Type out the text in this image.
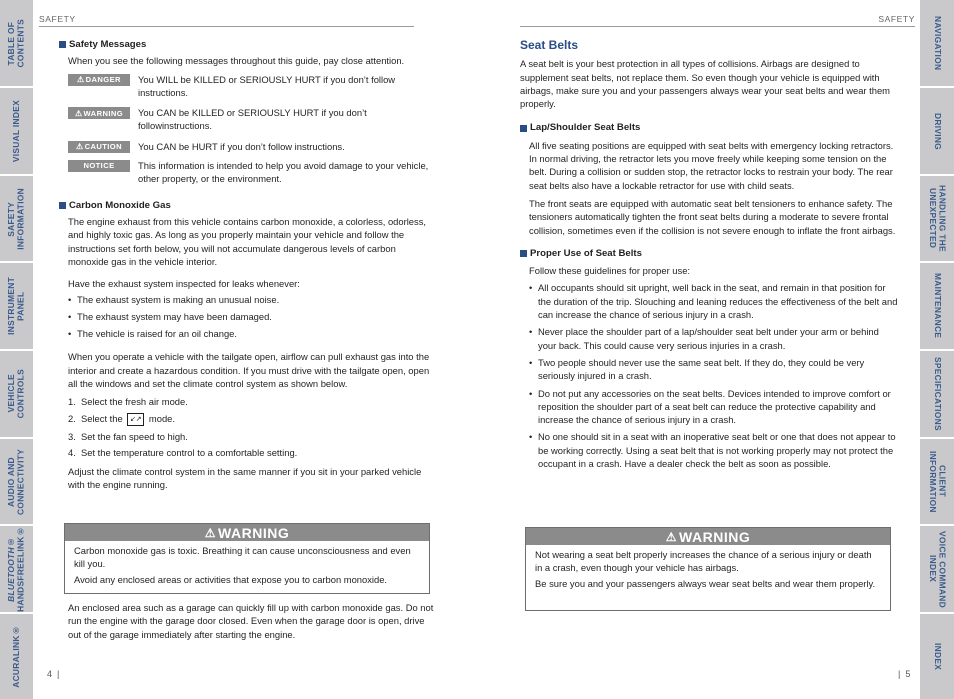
TABLE OF
CONTENTS
VISUAL INDEX
SAFETY
INFORMATION
INSTRUMENT
PANEL
VEHICLE
CONTROLS
AUDIO AND
CONNECTIVITY
BLUETOOTH®
HANDSFREELINK®
ACURALINK®
NAVIGATION
DRIVING
HANDLING THE
UNEXPECTED
MAINTENANCE
SPECIFICATIONS
CLIENT
INFORMATION
VOICE COMMAND
INDEX
INDEX
SAFETY	SAFETY
Safety Messages

When you see the following messages throughout this guide, pay close attention.

⚠ DANGER You WILL be KILLED or SERIOUSLY HURT if you don’t follow instructions.
⚠ WARNING You CAN be KILLED or SERIOUSLY HURT if you don’t followinstructions.
⚠ CAUTION You CAN be HURT if you don’t follow instructions.
NOTICE	This information is intended to help you avoid damage to your vehicle, other property, or the environment.
Carbon Monoxide Gas

The engine exhaust from this vehicle contains carbon monoxide, a colorless, odorless, and highly toxic gas. As long as you properly maintain your vehicle and follow the instructions set forth below, you will not accumulate dangerous levels of carbon monoxide gas in the vehicle interior.

Have the exhaust system inspected for leaks whenever:

• The exhaust system is making an unusual noise.
• The exhaust system may have been damaged.
• The vehicle is raised for an oil change.

When you operate a vehicle with the tailgate open, airflow can pull exhaust gas into the interior and create a hazardous condition. If you must drive with the tailgate open, open all the windows and set the climate control system as shown below.

1. Select the fresh air mode.
2. Select the ↙↗ mode.
3. Set the fan speed to high.
4. Set the temperature control to a comfortable setting.

Adjust the climate control system in the same manner if you sit in your parked vehicle with the engine running.

⚠ WARNING

Carbon monoxide gas is toxic. Breathing it can cause unconsciousness and even kill you.

Avoid any enclosed areas or activities that expose you to carbon monoxide.

An enclosed area such as a garage can quickly fill up with carbon monoxide gas. Do not run the engine with the garage door closed. Even when the garage door is open, drive out of the garage immediately after starting the engine.
4  |
Seat Belts

A seat belt is your best protection in all types of collisions. Airbags are designed to supplement seat belts, not replace them. So even though your vehicle is equipped with airbags, make sure you and your passengers always wear your seat belts and wear them properly.

Lap/Shoulder Seat Belts

All five seating positions are equipped with seat belts with emergency locking retractors. In normal driving, the retractor lets you move freely while keeping some tension on the belt. During a collision or sudden stop, the retractor locks to restrain your body. The rear seat belts also have a lockable retractor for use with child seats.

The front seats are equipped with automatic seat belt tensioners to enhance safety. The tensioners automatically tighten the front seat belts during a moderate to severe frontal collision, sometimes even if the collision is not severe enough to inflate the front airbags.

Proper Use of Seat Belts

Follow these guidelines for proper use:

• All occupants should sit upright, well back in the seat, and remain in that position for the duration of the trip. Slouching and leaning reduces the effectiveness of the belt and can increase the chance of serious injury in a crash.
• Never place the shoulder part of a lap/shoulder seat belt under your arm or behind your back. This could cause very serious injuries in a crash.
• Two people should never use the same seat belt. If they do, they could be very seriously injured in a crash.
• Do not put any accessories on the seat belts. Devices intended to improve comfort or reposition the shoulder part of a seat belt can reduce the protective capability and increase the chance of serious injury in a crash.
• No one should sit in a seat with an inoperative seat belt or one that does not appear to be working correctly. Using a seat belt that is not working properly may not protect the occupant in a crash. Have a dealer check the belt as soon as possible.
⚠ WARNING

Not wearing a seat belt properly increases the chance of a serious injury or death in a crash, even though your vehicle has airbags.

Be sure you and your passengers always wear seat belts and wear them properly.

|  5
